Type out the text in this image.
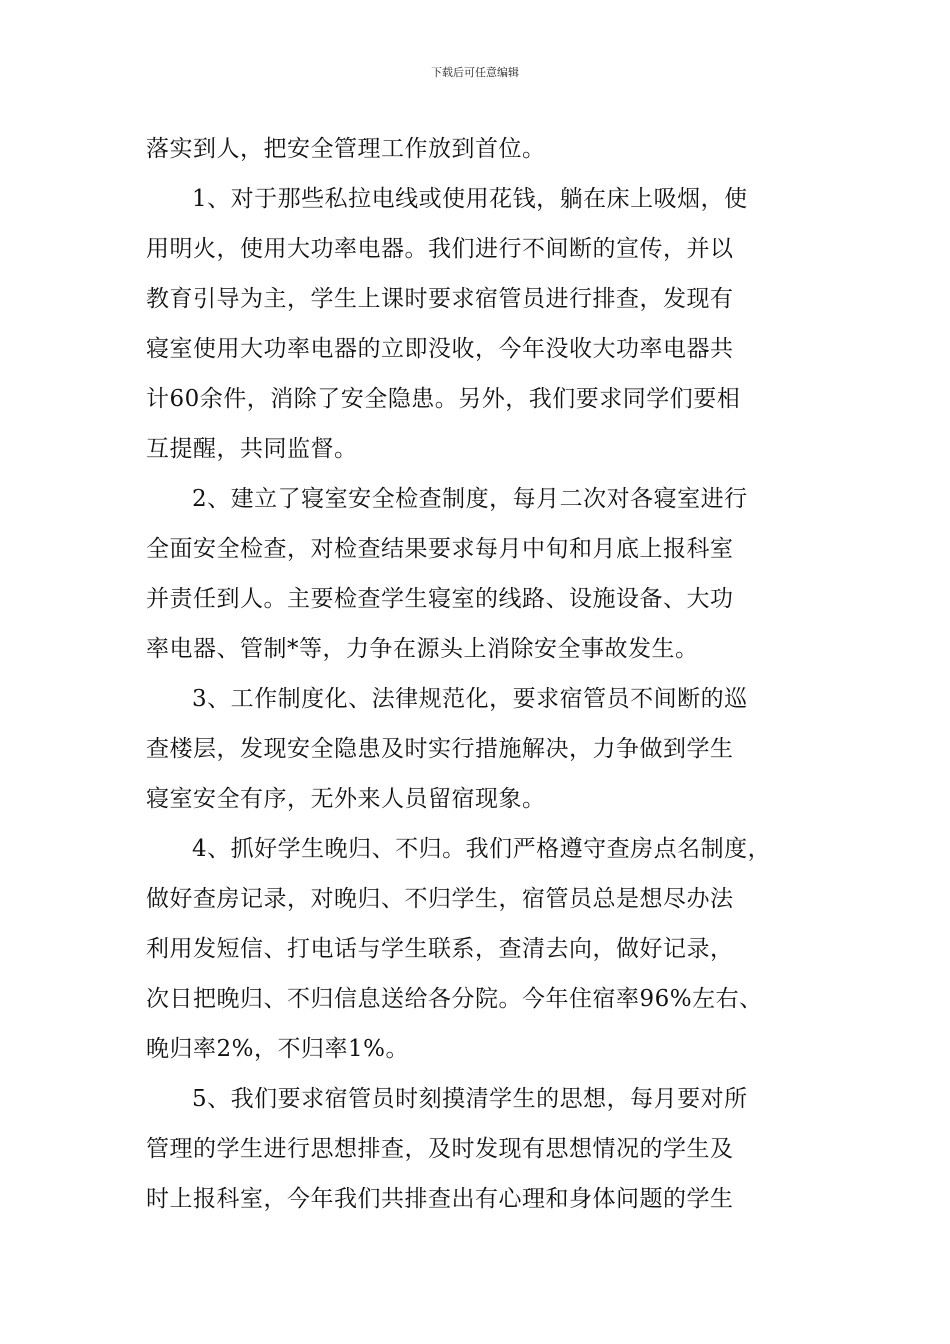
下载后可任意编辑
落实到人，把安全管理工作放到首位。
1、对于那些私拉电线或使用花钱，躺在床上吸烟，使
用明火，使用大功率电器。我们进行不间断的宣传，并以
教育引导为主，学生上课时要求宿管员进行排查，发现有
寝室使用大功率电器的立即没收，今年没收大功率电器共
计60余件，消除了安全隐患。另外，我们要求同学们要相
互提醒，共同监督。
2、建立了寝室安全检查制度，每月二次对各寝室进行
全面安全检查，对检查结果要求每月中旬和月底上报科室
并责任到人。主要检查学生寝室的线路、设施设备、大功
率电器、管制*等，力争在源头上消除安全事故发生。
3、工作制度化、法律规范化，要求宿管员不间断的巡
查楼层，发现安全隐患及时实行措施解决，力争做到学生
寝室安全有序，无外来人员留宿现象。
4、抓好学生晚归、不归。我们严格遵守查房点名制度，
做好查房记录，对晚归、不归学生，宿管员总是想尽办法
利用发短信、打电话与学生联系，查清去向，做好记录，
次日把晚归、不归信息送给各分院。今年住宿率96%左右、
晚归率2%，不归率1%。
5、我们要求宿管员时刻摸清学生的思想，每月要对所
管理的学生进行思想排查，及时发现有思想情况的学生及
时上报科室，今年我们共排查出有心理和身体问题的学生
